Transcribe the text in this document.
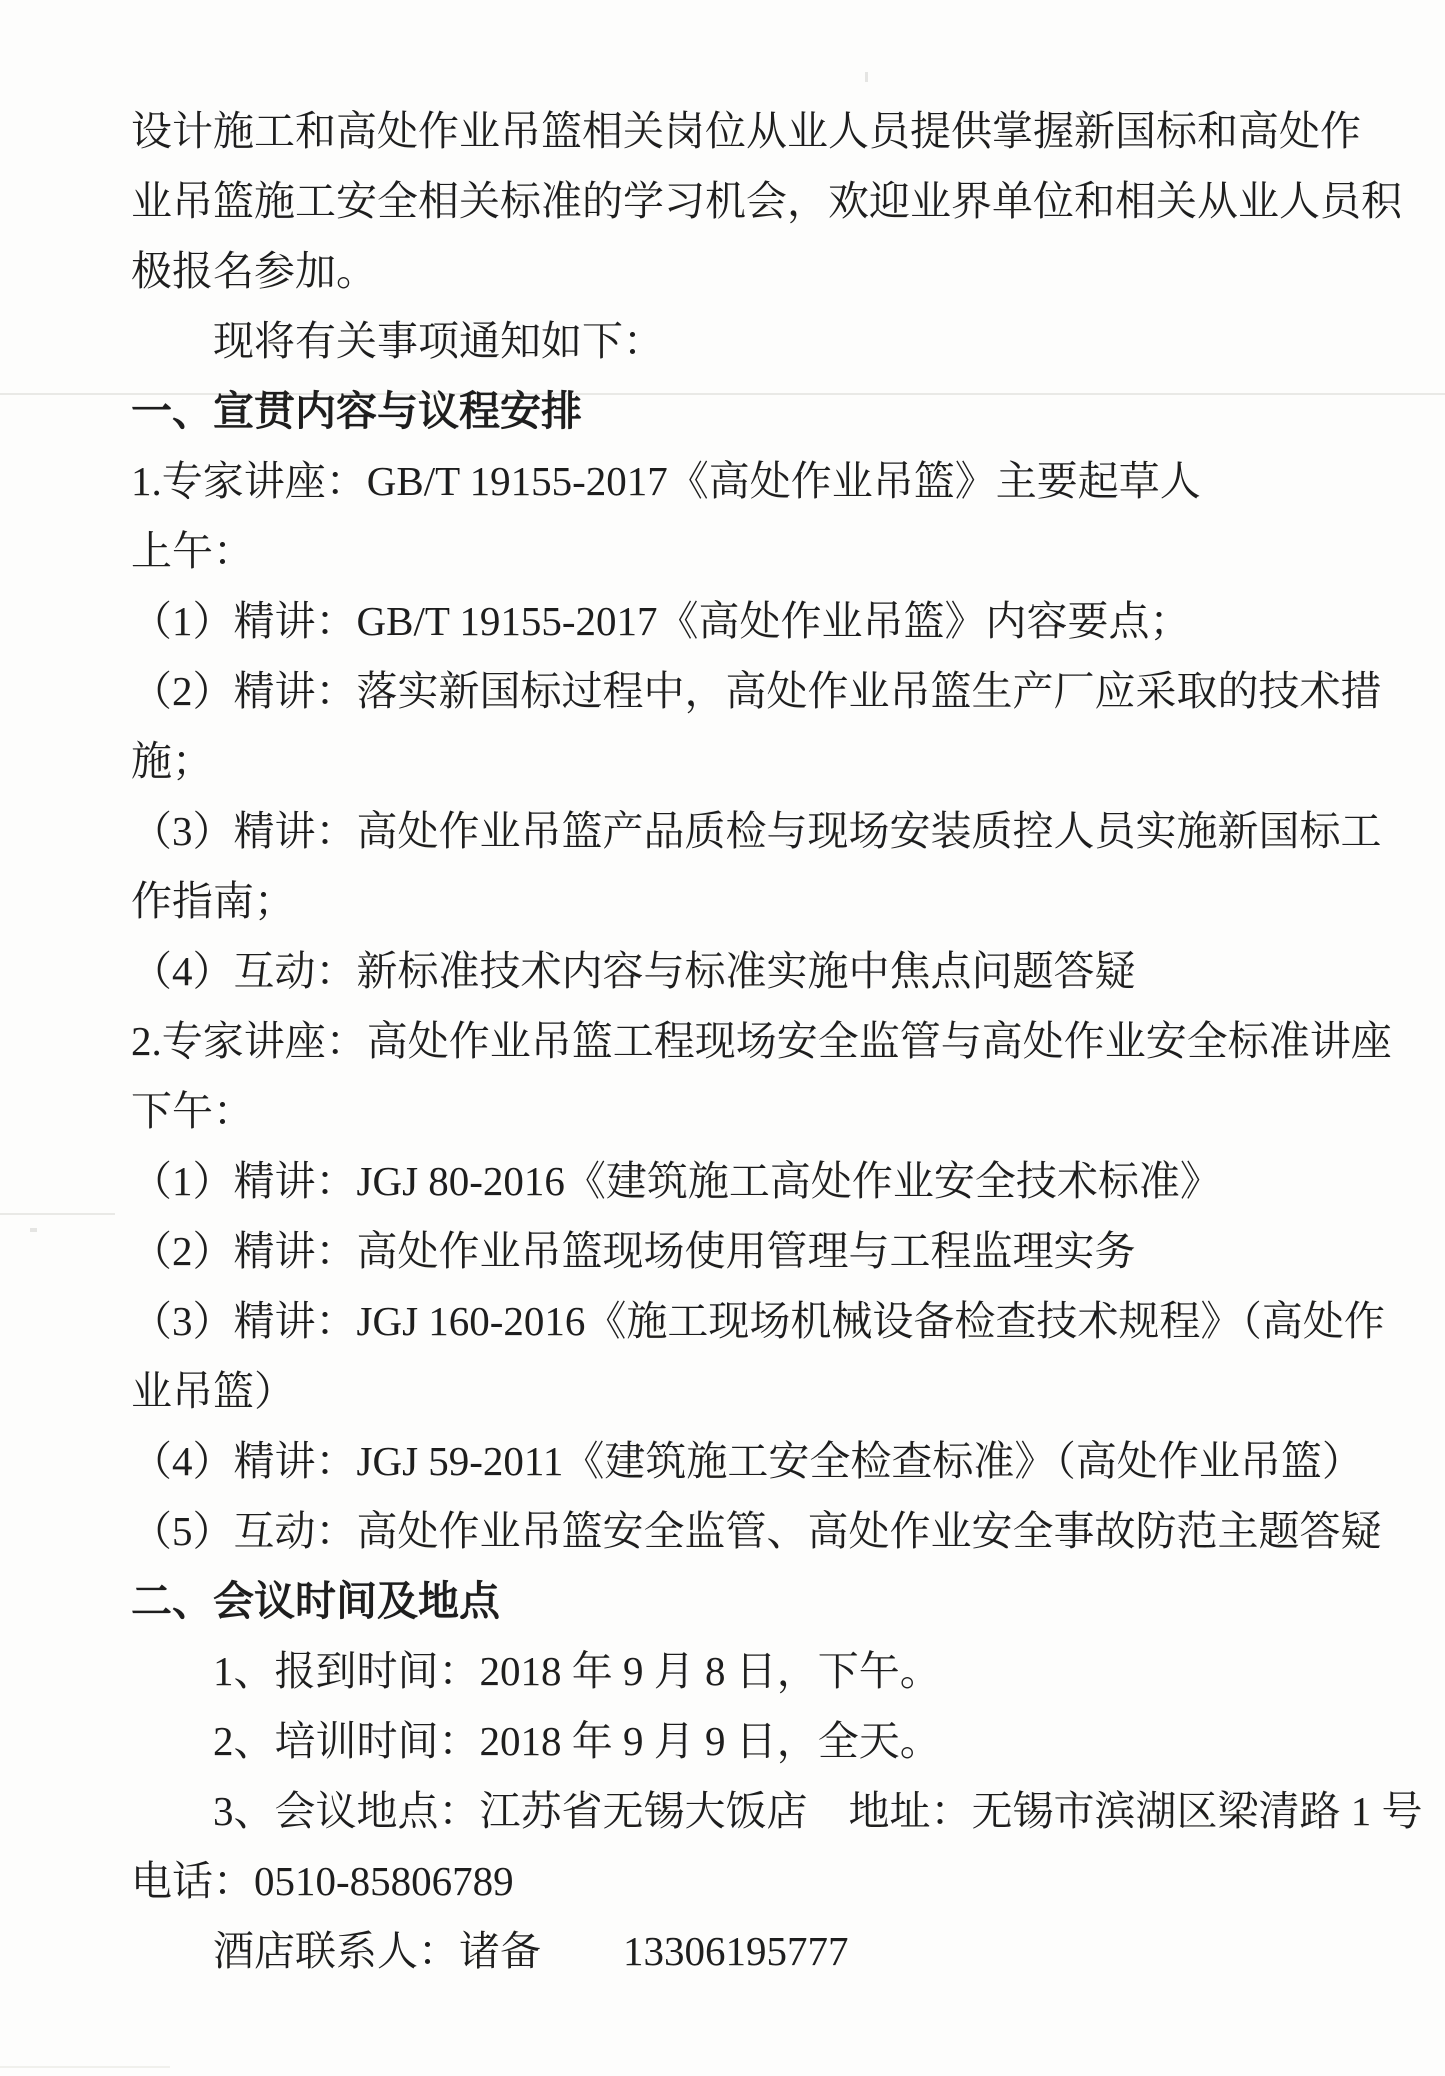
设计施工和高处作业吊篮相关岗位从业人员提供掌握新国标和高处作

业吊篮施工安全相关标准的学习机会，欢迎业界单位和相关从业人员积

极报名参加。

现将有关事项通知如下：

一、宣贯内容与议程安排

1.专家讲座：GB/T 19155-2017《高处作业吊篮》主要起草人

上午：

（1）精讲：GB/T 19155-2017《高处作业吊篮》内容要点；

（2）精讲：落实新国标过程中，高处作业吊篮生产厂应采取的技术措

施；

（3）精讲：高处作业吊篮产品质检与现场安装质控人员实施新国标工

作指南；

（4）互动：新标准技术内容与标准实施中焦点问题答疑

2.专家讲座：高处作业吊篮工程现场安全监管与高处作业安全标准讲座

下午：

（1）精讲：JGJ 80-2016《建筑施工高处作业安全技术标准》

（2）精讲：高处作业吊篮现场使用管理与工程监理实务

（3）精讲：JGJ 160-2016《施工现场机械设备检查技术规程》（高处作

业吊篮）

（4）精讲：JGJ 59-2011《建筑施工安全检查标准》（高处作业吊篮）

（5）互动：高处作业吊篮安全监管、高处作业安全事故防范主题答疑

二、会议时间及地点

1、报到时间：2018 年 9 月 8 日，下午。

2、培训时间：2018 年 9 月 9 日，全天。

3、会议地点：江苏省无锡大饭店　地址：无锡市滨湖区梁清路 1 号

电话：0510-85806789

酒店联系人：诸备　　13306195777
